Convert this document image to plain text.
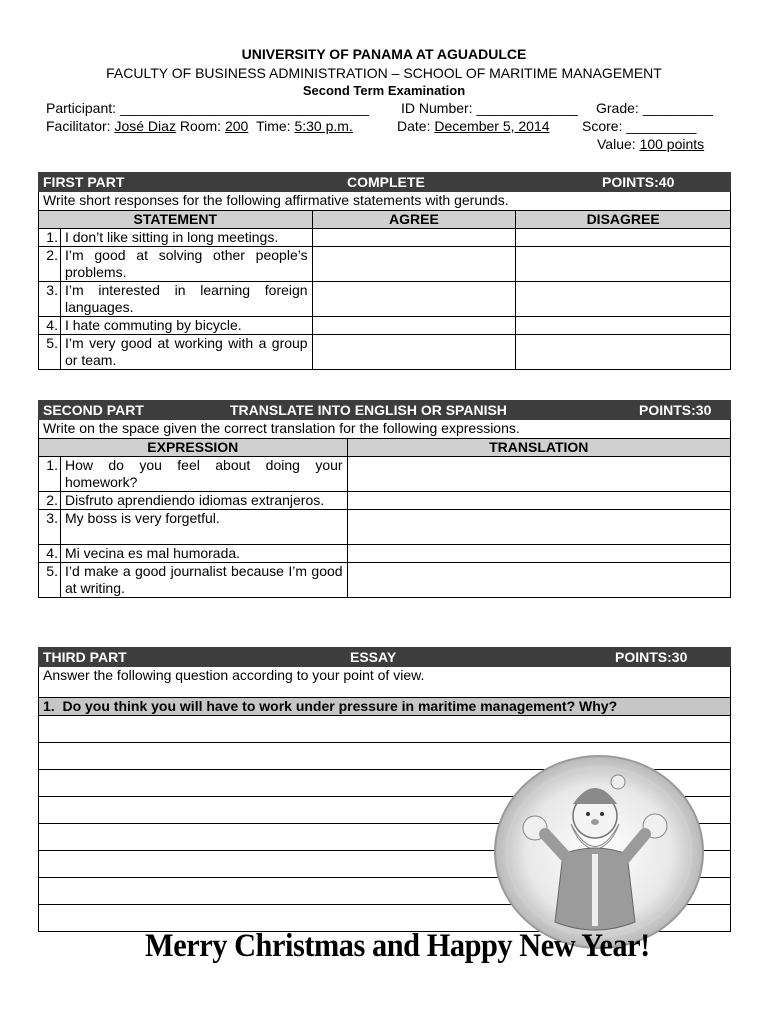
UNIVERSITY OF PANAMA AT AGUADULCE
FACULTY OF BUSINESS ADMINISTRATION – SCHOOL OF MARITIME MANAGEMENT
Second Term Examination
Participant: ________________________________ ID Number: _____________ Grade: _________
Facilitator: José Diaz Room: 200 Time: 5:30 p.m.	Date: December 5, 2014 Score: _________
Value: 100 points
FIRST PART COMPLETE POINTS:40			

Write short responses for the following affirmative statements with gerunds.			
STATEMENT		AGREE	DISAGREE
1.	I don’t like sitting in long meetings.		
2.	I’m good at solving other people’s problems.		
3.	I’m interested in learning foreign languages.		
4.	I hate commuting by bicycle.		
5.	I’m very good at working with a group or team.		
SECOND PART TRANSLATE INTO ENGLISH OR SPANISH POINTS:30		

Write on the space given the correct translation for the following expressions.		
EXPRESSION		TRANSLATION
1.	How do you feel about doing your homework?	
2.	Disfruto aprendiendo idiomas extranjeros.	
3.	My boss is very forgetful.	
4.	Mi vecina es mal humorada.	
5.	I’d make a good journalist because I’m good at writing.	
THIRD PART	ESSAY	POINTS:30

Answer the following question according to your point of view.
1. Do you think you will have to work under pressure in maritime management? Why?

Merry Christmas and Happy New Year!
